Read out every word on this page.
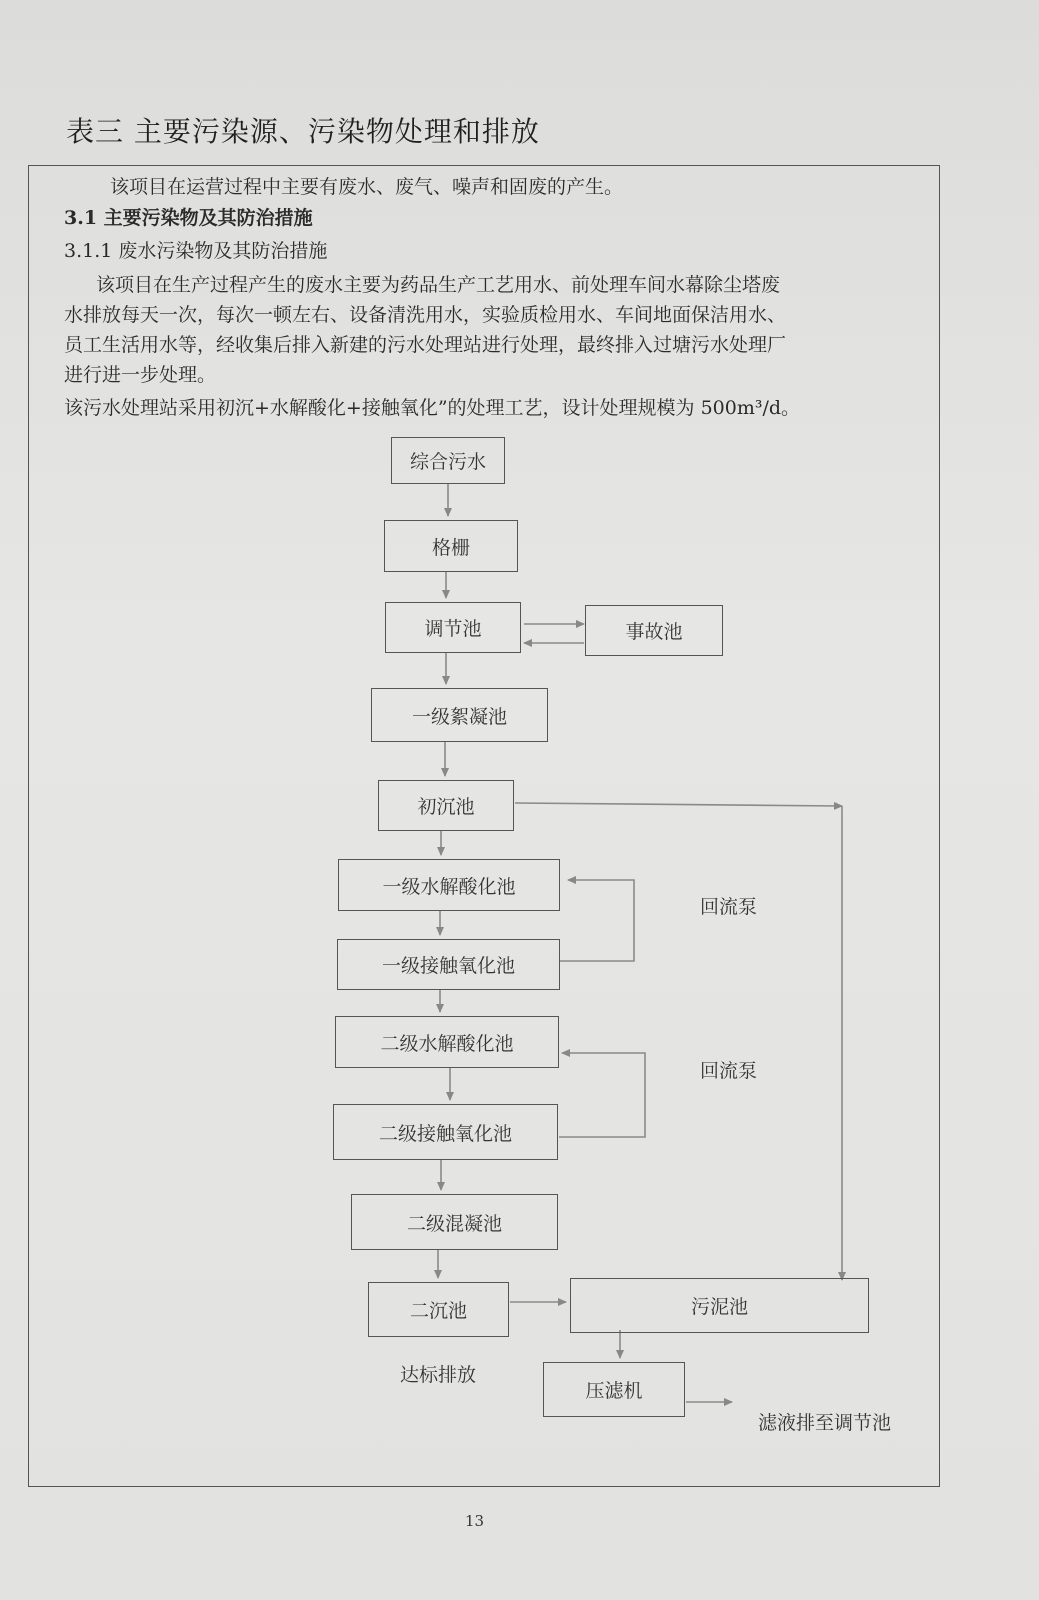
表三 主要污染源、污染物处理和排放
该项目在运营过程中主要有废水、废气、噪声和固废的产生。
3.1 主要污染物及其防治措施
3.1.1 废水污染物及其防治措施
该项目在生产过程产生的废水主要为药品生产工艺用水、前处理车间水幕除尘塔废
水排放每天一次，每次一顿左右、设备清洗用水，实验质检用水、车间地面保洁用水、
员工生活用水等，经收集后排入新建的污水处理站进行处理，最终排入过塘污水处理厂
进行进一步处理。
该污水处理站采用初沉+水解酸化+接触氧化”的处理工艺，设计处理规模为 500m³/d。
综合污水
格栅
调节池	事故池
一级絮凝池
初沉池
一级水解酸化池
一级接触氧化池
二级水解酸化池
二级接触氧化池
二级混凝池
二沉池	污泥池
压滤机
回流泵
回流泵
达标排放
滤液排至调节池
13
